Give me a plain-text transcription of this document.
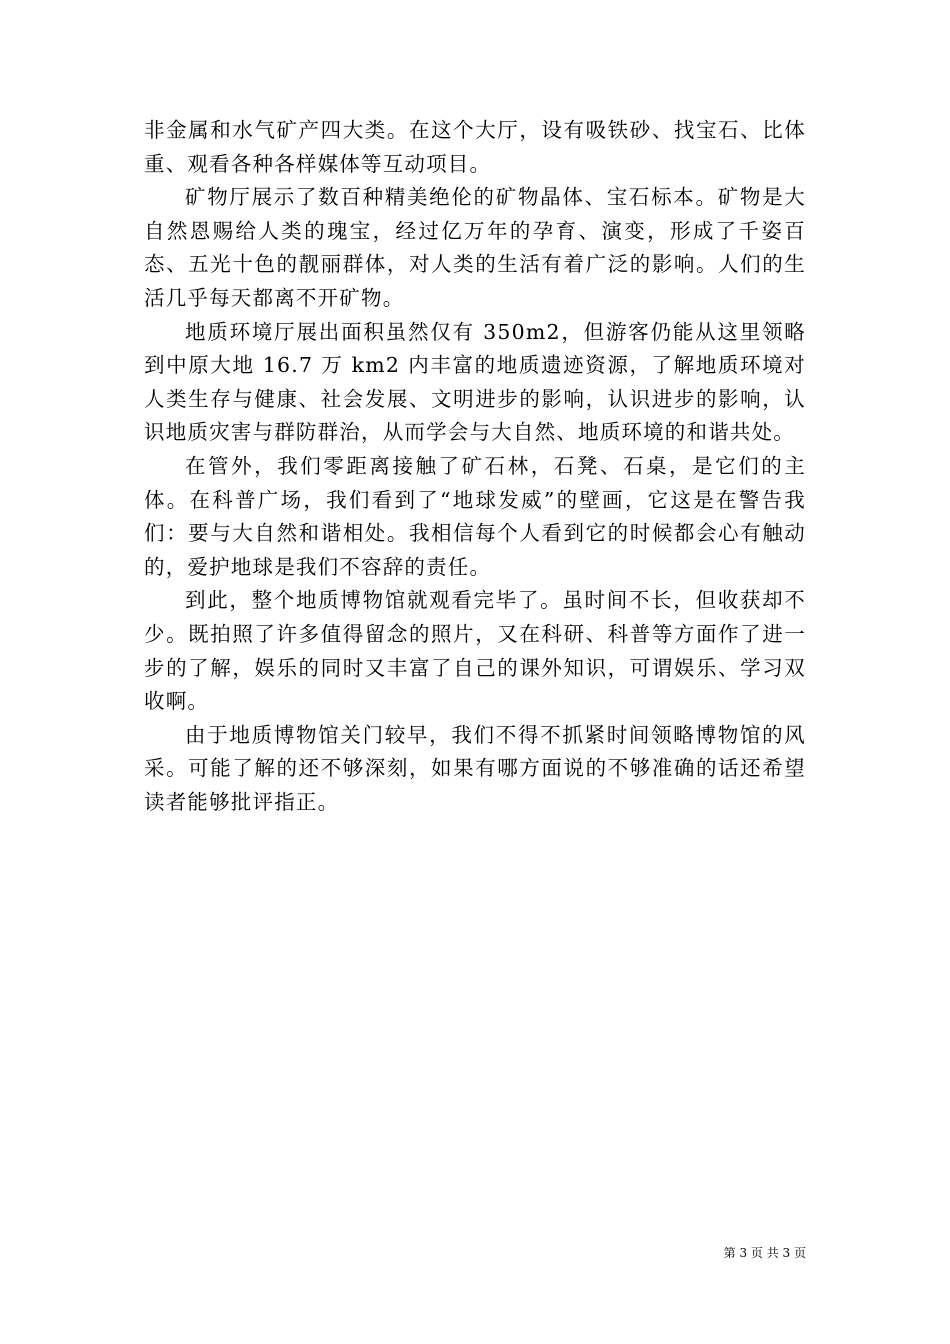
非金属和水气矿产四大类。在这个大厅，设有吸铁砂、找宝石、比体重、观看各种各样媒体等互动项目。

矿物厅展示了数百种精美绝伦的矿物晶体、宝石标本。矿物是大自然恩赐给人类的瑰宝，经过亿万年的孕育、演变，形成了千姿百态、五光十色的靓丽群体，对人类的生活有着广泛的影响。人们的生活几乎每天都离不开矿物。

地质环境厅展出面积虽然仅有 350m2，但游客仍能从这里领略到中原大地 16.7 万 km2 内丰富的地质遗迹资源，了解地质环境对人类生存与健康、社会发展、文明进步的影响，认识进步的影响，认识地质灾害与群防群治，从而学会与大自然、地质环境的和谐共处。

在管外，我们零距离接触了矿石林，石凳、石桌，是它们的主体。在科普广场，我们看到了“地球发威”的壁画，它这是在警告我们：要与大自然和谐相处。我相信每个人看到它的时候都会心有触动的，爱护地球是我们不容辞的责任。

到此，整个地质博物馆就观看完毕了。虽时间不长，但收获却不少。既拍照了许多值得留念的照片，又在科研、科普等方面作了进一步的了解，娱乐的同时又丰富了自己的课外知识，可谓娱乐、学习双收啊。

由于地质博物馆关门较早，我们不得不抓紧时间领略博物馆的风采。可能了解的还不够深刻，如果有哪方面说的不够准确的话还希望读者能够批评指正。

第 3 页 共 3 页
